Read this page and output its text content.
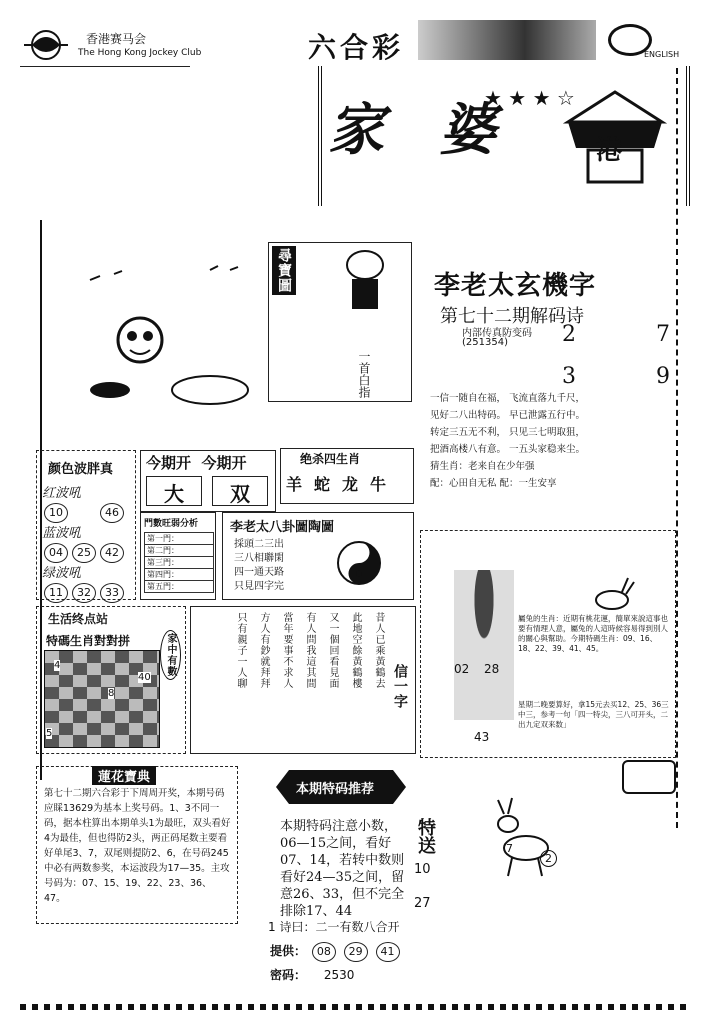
香港赛马会
The Hong Kong Jockey Club	六合彩	ENGLISH
家 婆
★ ★ ★ ☆
港
尋寶圖
一首白指
李老太玄機字
第七十二期解码诗
内部传真防变码
(251354) 2	7
3	9
一信一随自在福， 飞流直落九千尺，
见好二八出特码。 早已泄露五行中。
转定三五无不利， 只见三七明取狙，
把酒高楼八有意。 一五头家稳来尘。
猜生肖：老来自在少年强
配：心田自无私 配：一生安享
颜色波胖真
红波吼
10	46
蓝波吼
04 25 42
绿波吼
11 32 33
今期开  今期开
大 双
绝杀四生肖
羊蛇龙牛
門數旺弱分析
第一門：
第二門：
第三門：
第四門：
第五門：
李老太八卦圖陶圖
採頭二三出
三八相聯閑
四一通天路
只見四字完
02 28
43
屬兔的生肖：近期有桃花運，簡單來說這事也要有情理人意，屬兔的人這時候容易得到別人的關心與幫助。今期特碼生肖：09、16、18、22、39、41、45。
星期二晚要算好，拿15元去买12、25、36三中三，参考一句「四一特尖，三八可开头，二出九定双来数」
生活终点站
特碼生肖對對拼	家中有數
4
5
8
40	昔人已乘黃鶴去
此地空餘黃鶴樓
又一個回看見面
有人問我這其間
當年要事不求人
方人有鈔就拜拜
只有親子一人聊	信一字
蓮花寶典
第七十二期六合彩于下周周开奖，本期号码应睬13629为基本上奖号码。1、3不同一码，据本柱算出本期单头1为最旺，双头看好4为最佳，但也得防2头，两正码尾数主要看好单尾3、7，双尾则提防2、6，在号码245中必有两数参奖，本运波段为17—35。主攻号码为：07、15、19、22、23、36、47。
本期特码推荐
本期特码注意小数，06—15之间，看好07、14，若转中数则看好24—35之间，留意26、33，但不完全排除17、44
特送
10
27
7
2
1 诗曰：二一有数八合开
提供： 08 29 41
密码： 2530
